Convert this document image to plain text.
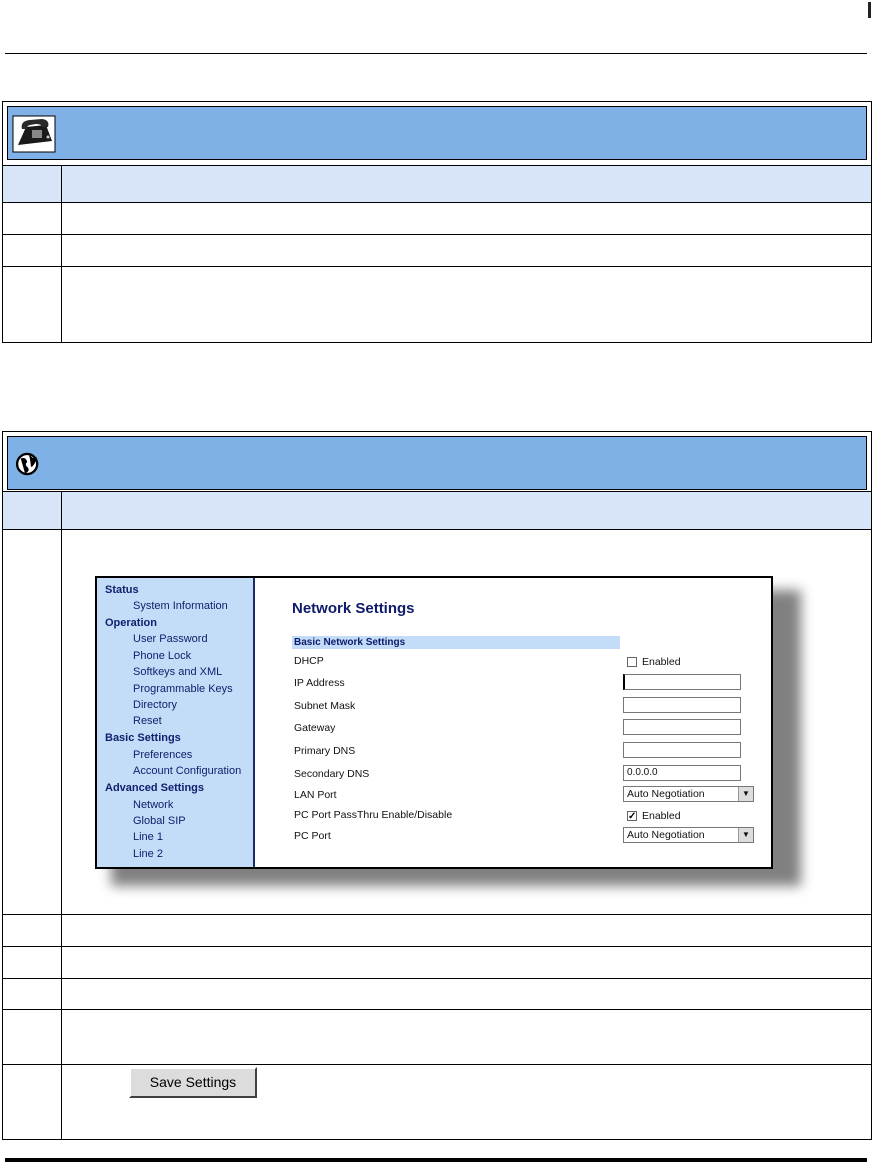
Status
System Information
Operation
User Password
Phone Lock
Softkeys and XML
Programmable Keys
Directory
Reset
Basic Settings
Preferences
Account Configuration
Advanced Settings
Network
Global SIP
Line 1
Line 2
Network Settings
Basic Network Settings
DHCP	Enabled
IP Address
Subnet Mask
Gateway
Primary DNS
Secondary DNS	0.0.0.0
LAN Port	Auto Negotiation	▼
PC Port PassThru Enable/Disable	✓ Enabled
PC Port	Auto Negotiation	▼
Save Settings
